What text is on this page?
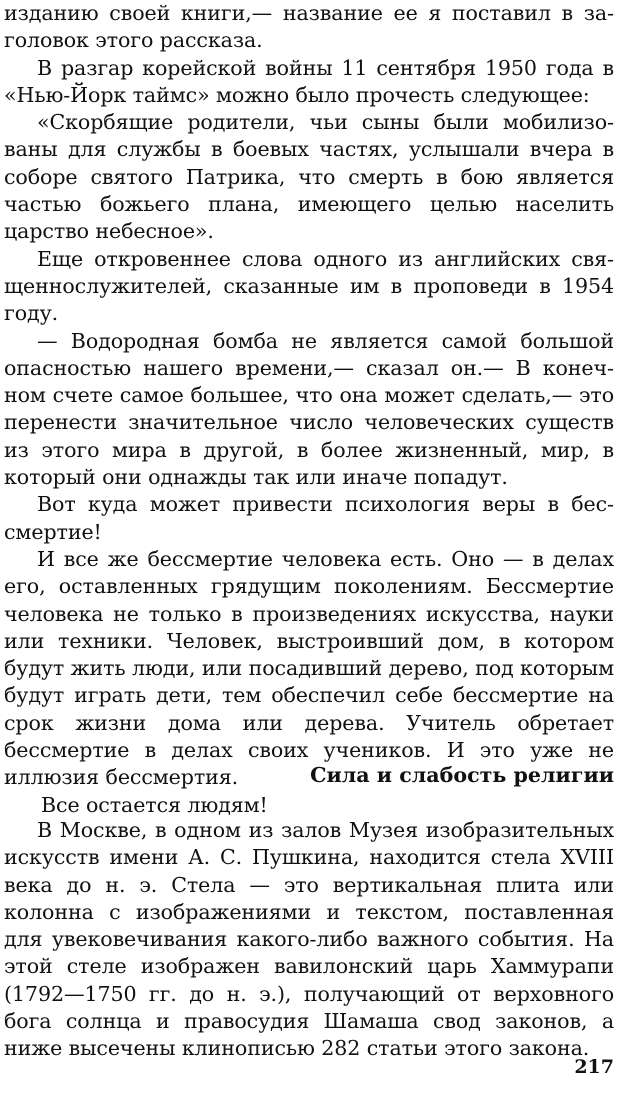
изданию своей книги,— название ее я поставил в заголовок этого рассказа.

В разгар корейской войны 11 сентября 1950 года в «Нью-Йорк таймс» можно было прочесть следующее:

«Скорбящие родители, чьи сыны были мобилизованы для службы в боевых частях, услышали вчера в соборе святого Патрика, что смерть в бою является частью божьего плана, имеющего целью населить царство небесное».

Еще откровеннее слова одного из английских священнослужителей, сказанные им в проповеди в 1954 году.

— Водородная бомба не является самой большой опасностью нашего времени,— сказал он.— В конечном счете самое большее, что она может сделать,— это перенести значительное число человеческих существ из этого мира в другой, в более жизненный, мир, в который они однажды так или иначе попадут.

Вот куда может привести психология веры в бессмертие!

И все же бессмертие человека есть. Оно — в делах его, оставленных грядущим поколениям. Бессмертие человека не только в произведениях искусства, науки или техники. Человек, выстроивший дом, в котором будут жить люди, или посадивший дерево, под которым будут играть дети, тем обеспечил себе бессмертие на срок жизни дома или дерева. Учитель обретает бессмертие в делах своих учеников. И это уже не иллюзия бессмертия.

Все остается людям!

Сила и слабость религии

В Москве, в одном из залов Музея изобразительных искусств имени А. С. Пушкина, находится стела XVIII века до н. э. Стела — это вертикальная плита или колонна с изображениями и текстом, поставленная для увековечивания какого-либо важного события. На этой стеле изображен вавилонский царь Хаммурапи (1792—1750 гг. до н. э.), получающий от верховного бога солнца и правосудия Шамаша свод законов, а ниже высечены клинописью 282 статьи этого закона.

217
